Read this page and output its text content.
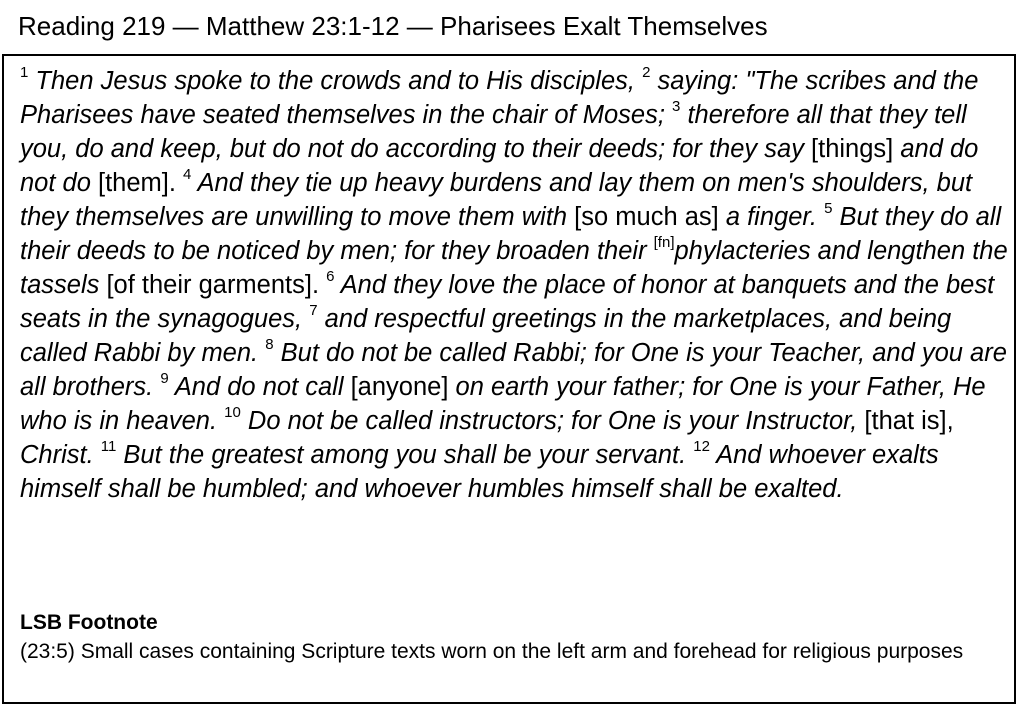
Reading 219 — Matthew 23:1-12 — Pharisees Exalt Themselves
$^1$ Then Jesus spoke to the crowds and to His disciples, $^2$ saying: "The scribes and the Pharisees have seated themselves in the chair of Moses; $^3$ therefore all that they tell you, do and keep, but do not do according to their deeds; for they say [things] and do not do [them]. $^4$ And they tie up heavy burdens and lay them on men's shoulders, but they themselves are unwilling to move them with [so much as] a finger. $^5$ But they do all their deeds to be noticed by men; for they broaden their [fn]phylacteries and lengthen the tassels [of their garments]. $^6$ And they love the place of honor at banquets and the best seats in the synagogues, $^7$ and respectful greetings in the marketplaces, and being called Rabbi by men. $^8$ But do not be called Rabbi; for One is your Teacher, and you are all brothers. $^9$ And do not call [anyone] on earth your father; for One is your Father, He who is in heaven. $^{10}$ Do not be called instructors; for One is your Instructor, [that is], Christ. $^{11}$ But the greatest among you shall be your servant. $^{12}$ And whoever exalts himself shall be humbled; and whoever humbles himself shall be exalted.
LSB Footnote
(23:5) Small cases containing Scripture texts worn on the left arm and forehead for religious purposes
